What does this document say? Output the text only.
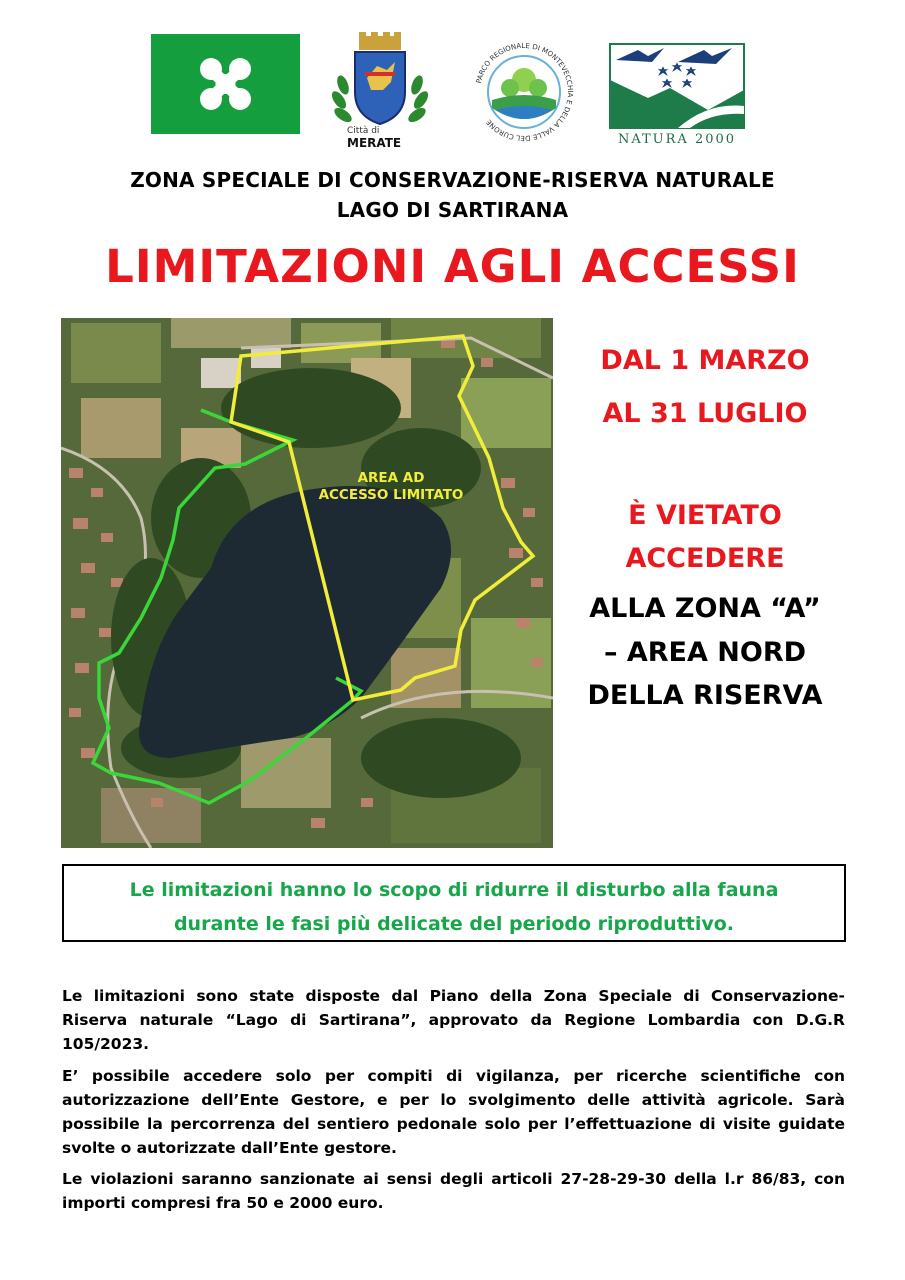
Città di
MERATE
PARCO REGIONALE DI MONTEVECCHIA E DELLA VALLE DEL CURONE
NATURA 2000
ZONA SPECIALE DI CONSERVAZIONE-RISERVA NATURALE
LAGO DI SARTIRANA
LIMITAZIONI AGLI ACCESSI
AREA AD
ACCESSO LIMITATO
DAL 1 MARZO
AL 31 LUGLIO
È VIETATO
ACCEDERE
ALLA ZONA “A”
– AREA NORD
DELLA RISERVA
Le limitazioni hanno lo scopo di ridurre il disturbo alla fauna
durante le fasi più delicate del periodo riproduttivo.
Le limitazioni sono state disposte dal Piano della Zona Speciale di Conservazione-Riserva naturale “Lago di Sartirana”, approvato da Regione Lombardia con D.G.R 105/2023.
E’ possibile accedere solo per compiti di vigilanza, per ricerche scientifiche con autorizzazione dell’Ente Gestore, e per lo svolgimento delle attività agricole. Sarà possibile la percorrenza del sentiero pedonale solo per l’effettuazione di visite guidate svolte o autorizzate dall’Ente gestore.
Le violazioni saranno sanzionate ai sensi degli articoli 27-28-29-30 della l.r 86/83, con importi compresi fra 50 e 2000 euro.
